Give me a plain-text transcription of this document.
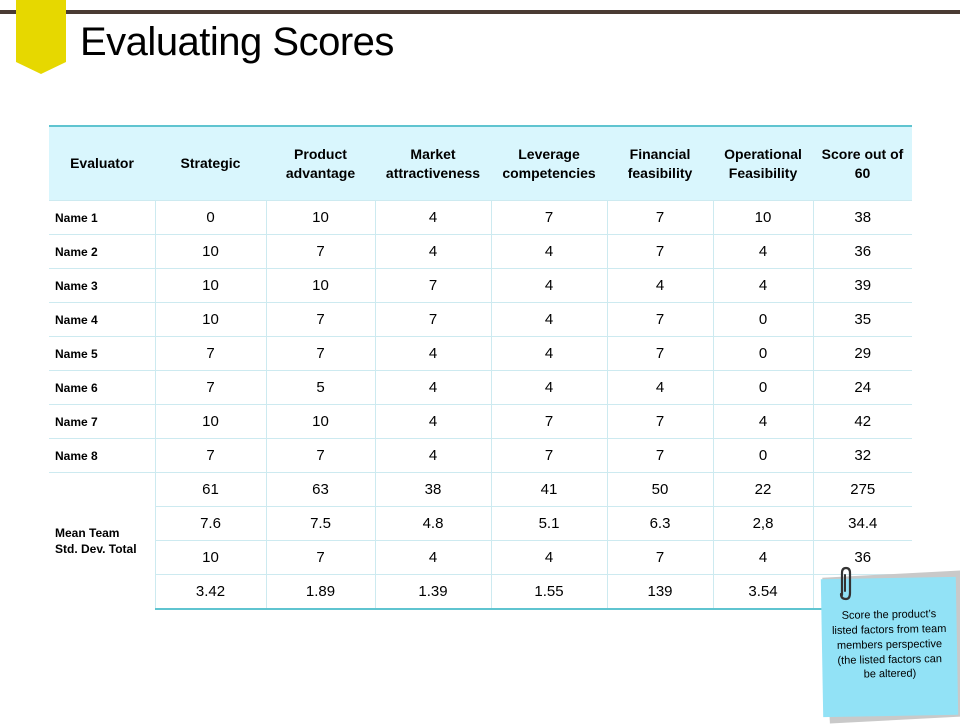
Evaluating Scores
Evaluator	Strategic	Product advantage	Market attractiveness	Leverage competencies	Financial feasibility	Operational Feasibility	Score out of 60
Name 1	0	10	4	7	7	10	38
Name 2	10	7	4	4	7	4	36
Name 3	10	10	7	4	4	4	39
Name 4	10	7	7	4	7	0	35
Name 5	7	7	4	4	7	0	29
Name 6	7	5	4	4	4	0	24
Name 7	10	10	4	7	7	4	42
Name 8	7	7	4	7	7	0	32
Mean Team
Std. Dev. Total	61	63	38	41	50	22	275
	7.6	7.5	4.8	5.1	6.3	2,8	34.4
	10	7	4	4	7	4	36
	3.42	1.89	1.39	1.55	139	3.54	
Score the product’s listed factors from team members perspective (the listed factors can be altered)
